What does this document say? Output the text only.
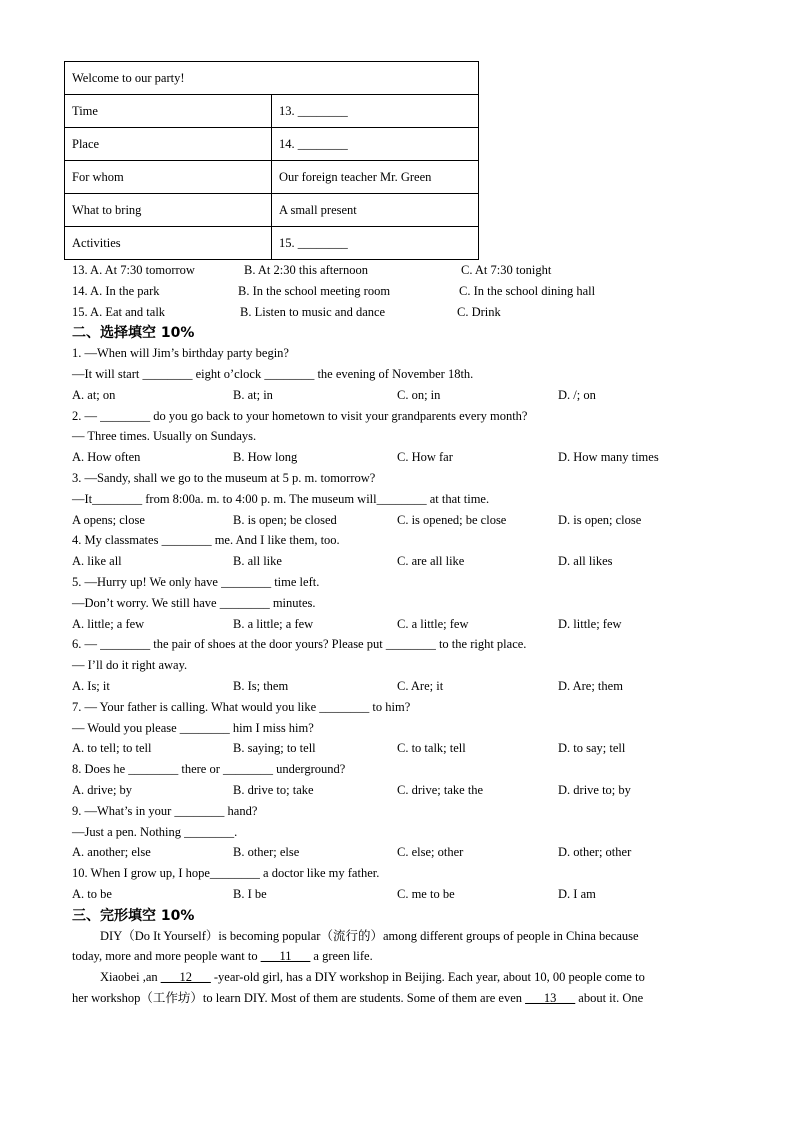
Welcome to our party!	
Time	13. ________
Place	14. ________
For whom	Our foreign teacher Mr. Green
What to bring	A small present
Activities	15. ________
13. A. At 7:30 tomorrow	B. At 2:30 this afternoon	C. At 7:30 tonight
14. A. In the park	B. In the school meeting room	C. In the school dining hall
15. A. Eat and talk	B. Listen to music and dance	C. Drink
二、选择填空 10%
1. —When will Jim’s birthday party begin?
—It will start ________ eight o’clock ________ the evening of November 18th.
A. at; on	B. at; in	C. on; in	D. /; on
2. — ________ do you go back to your hometown to visit your grandparents every month?
— Three times. Usually on Sundays.
A. How often	B. How long	C. How far	D. How many times
3. —Sandy, shall we go to the museum at 5 p. m. tomorrow?
—It________ from 8:00a. m. to 4:00 p. m. The museum will________ at that time.
A opens; close	B. is open; be closed	C. is opened; be close	D. is open; close
4. My classmates ________ me. And I like them, too.
A. like all	B. all like	C. are all like	D. all likes
5. —Hurry up! We only have ________ time left.
—Don’t worry. We still have ________ minutes.
A. little; a few	B. a little; a few	C. a little; few	D. little; few
6. — ________ the pair of shoes at the door yours? Please put ________ to the right place.
— I’ll do it right away.
A. Is; it	B. Is; them	C. Are; it	D. Are; them
7. — Your father is calling. What would you like ________ to him?
— Would you please ________ him I miss him?
A. to tell; to tell	B. saying; to tell	C. to talk; tell	D. to say; tell
8. Does he ________ there or ________ underground?
A. drive; by	B. drive to; take	C. drive; take the	D. drive to; by
9. —What’s in your ________ hand?
—Just a pen. Nothing ________.
A. another; else	B. other; else	C. else; other	D. other; other
10. When I grow up, I hope________ a doctor like my father.
A. to be	B. I be	C. me to be	D. I am
三、完形填空 10%
DIY（Do It Yourself）is becoming popular（流行的）among different groups of people in China because
today, more and more people want to ___11___ a green life.
Xiaobei ,an ___12___ -year-old girl, has a DIY workshop in Beijing. Each year, about 10, 00 people come to
her workshop（工作坊）to learn DIY. Most of them are students. Some of them are even ___13___ about it. One
